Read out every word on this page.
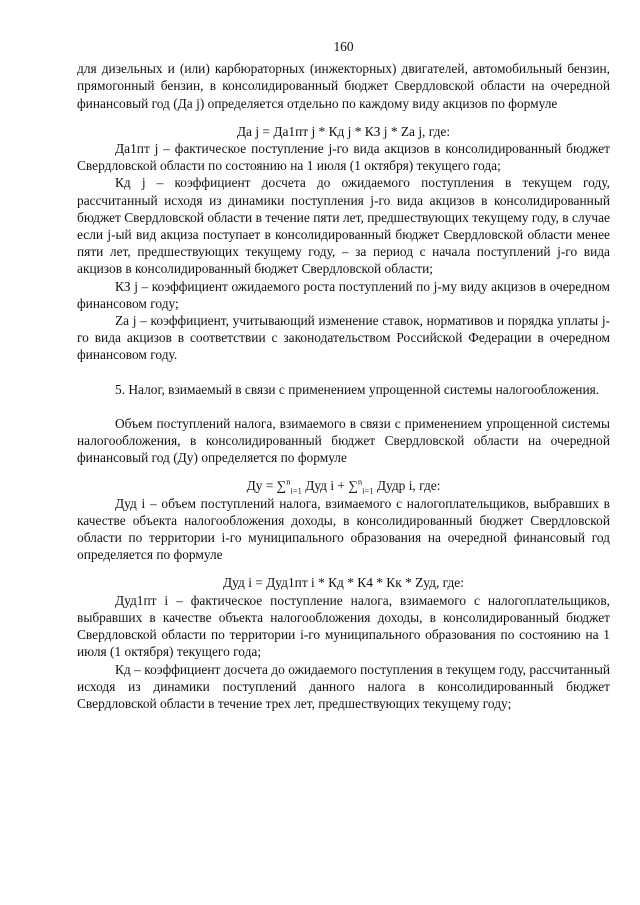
160

для дизельных и (или) карбюраторных (инжекторных) двигателей, автомобильный бензин, прямогонный бензин, в консолидированный бюджет Свердловской области на очередной финансовый год (Да j) определяется отдельно по каждому виду акцизов по формуле

Да j = Да1пт j * Кд j * КЗ j * Za j, где:

Да1пт j – фактическое поступление j-го вида акцизов в консолидированный бюджет Свердловской области по состоянию на 1 июля (1 октября) текущего года;

Кд j – коэффициент досчета до ожидаемого поступления в текущем году, рассчитанный исходя из динамики поступления j-го вида акцизов в консолидированный бюджет Свердловской области в течение пяти лет, предшествующих текущему году, в случае если j-ый вид акциза поступает в консолидированный бюджет Свердловской области менее пяти лет, предшествующих текущему году, – за период с начала поступлений j-го вида акцизов в консолидированный бюджет Свердловской области;

КЗ j – коэффициент ожидаемого роста поступлений по j-му виду акцизов в очередном финансовом году;

Za j – коэффициент, учитывающий изменение ставок, нормативов и порядка уплаты j-го вида акцизов в соответствии с законодательством Российской Федерации в очередном финансовом году.

5. Налог, взимаемый в связи с применением упрощенной системы налогообложения.

Объем поступлений налога, взимаемого в связи с применением упрощенной системы налогообложения, в консолидированный бюджет Свердловской области на очередной финансовый год (Ду) определяется по формуле

Ду = ∑$^n_{i=1}$ Дуд i + ∑$^n_{i=1}$ Дудр i, где:

Дуд i – объем поступлений налога, взимаемого с налогоплательщиков, выбравших в качестве объекта налогообложения доходы, в консолидированный бюджет Свердловской области по территории i-го муниципального образования на очередной финансовый год определяется по формуле

Дуд i = Дуд1пт i * Кд * К4 * Кк * Zуд, где:

Дуд1пт i – фактическое поступление налога, взимаемого с налогоплательщиков, выбравших в качестве объекта налогообложения доходы, в консолидированный бюджет Свердловской области по территории i-го муниципального образования по состоянию на 1 июля (1 октября) текущего года;

Кд – коэффициент досчета до ожидаемого поступления в текущем году, рассчитанный исходя из динамики поступлений данного налога в консолидированный бюджет Свердловской области в течение трех лет, предшествующих текущему году;
